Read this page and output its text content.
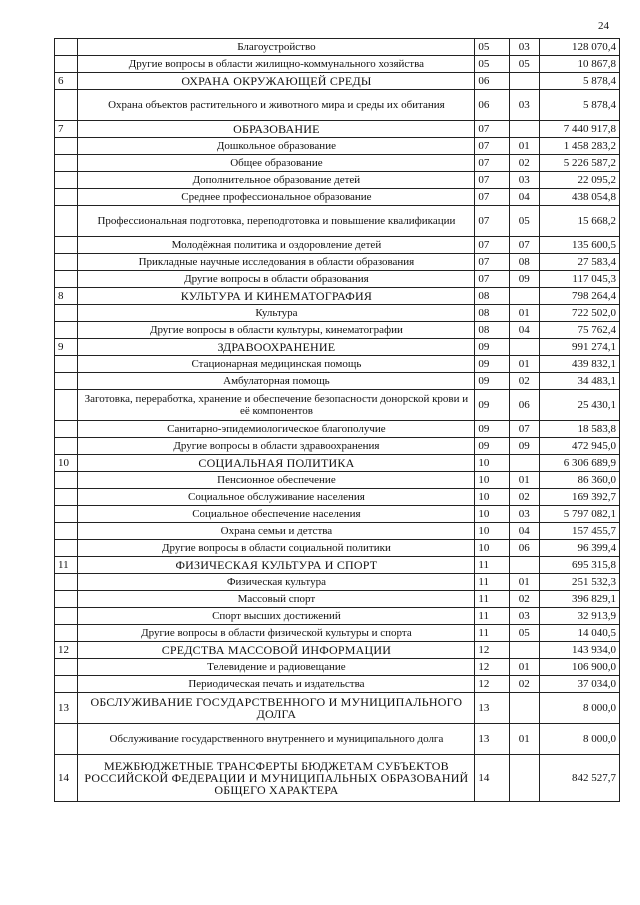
24
	Благоустройство	05	03	128 070,4
	Другие вопросы в области жилищно-коммунального хозяйства	05	05	10 867,8
6	ОХРАНА ОКРУЖАЮЩЕЙ СРЕДЫ	06		5 878,4
	Охрана объектов растительного и животного мира и среды их обитания	06	03	5 878,4
7	ОБРАЗОВАНИЕ	07		7 440 917,8
	Дошкольное образование	07	01	1 458 283,2
	Общее образование	07	02	5 226 587,2
	Дополнительное образование детей	07	03	22 095,2
	Среднее профессиональное образование	07	04	438 054,8
	Профессиональная подготовка, переподготовка и повышение квалификации	07	05	15 668,2
	Молодёжная политика и оздоровление детей	07	07	135 600,5
	Прикладные научные исследования в области образования	07	08	27 583,4
	Другие вопросы в области образования	07	09	117 045,3
8	КУЛЬТУРА И КИНЕМАТОГРАФИЯ	08		798 264,4
	Культура	08	01	722 502,0
	Другие вопросы в области культуры, кинематографии	08	04	75 762,4
9	ЗДРАВООХРАНЕНИЕ	09		991 274,1
	Стационарная медицинская помощь	09	01	439 832,1
	Амбулаторная помощь	09	02	34 483,1
	Заготовка, переработка, хранение и обеспечение безопасности донорской крови и её компонентов	09	06	25 430,1
	Санитарно-эпидемиологическое благополучие	09	07	18 583,8
	Другие вопросы в области здравоохранения	09	09	472 945,0
10	СОЦИАЛЬНАЯ ПОЛИТИКА	10		6 306 689,9
	Пенсионное обеспечение	10	01	86 360,0
	Социальное обслуживание населения	10	02	169 392,7
	Социальное обеспечение населения	10	03	5 797 082,1
	Охрана семьи и детства	10	04	157 455,7
	Другие вопросы в области социальной политики	10	06	96 399,4
11	ФИЗИЧЕСКАЯ КУЛЬТУРА И СПОРТ	11		695 315,8
	Физическая культура	11	01	251 532,3
	Массовый спорт	11	02	396 829,1
	Спорт высших достижений	11	03	32 913,9
	Другие вопросы в области физической культуры и спорта	11	05	14 040,5
12	СРЕДСТВА МАССОВОЙ ИНФОРМАЦИИ	12		143 934,0
	Телевидение и радиовещание	12	01	106 900,0
	Периодическая печать и издательства	12	02	37 034,0
13	ОБСЛУЖИВАНИЕ ГОСУДАРСТВЕННОГО И МУНИЦИПАЛЬНОГО ДОЛГА	13		8 000,0
	Обслуживание государственного внутреннего и муниципального долга	13	01	8 000,0
14	МЕЖБЮДЖЕТНЫЕ ТРАНСФЕРТЫ БЮДЖЕТАМ СУБЪЕКТОВ РОССИЙСКОЙ ФЕДЕРАЦИИ И МУНИЦИПАЛЬНЫХ ОБРАЗОВАНИЙ ОБЩЕГО ХАРАКТЕРА	14		842 527,7
